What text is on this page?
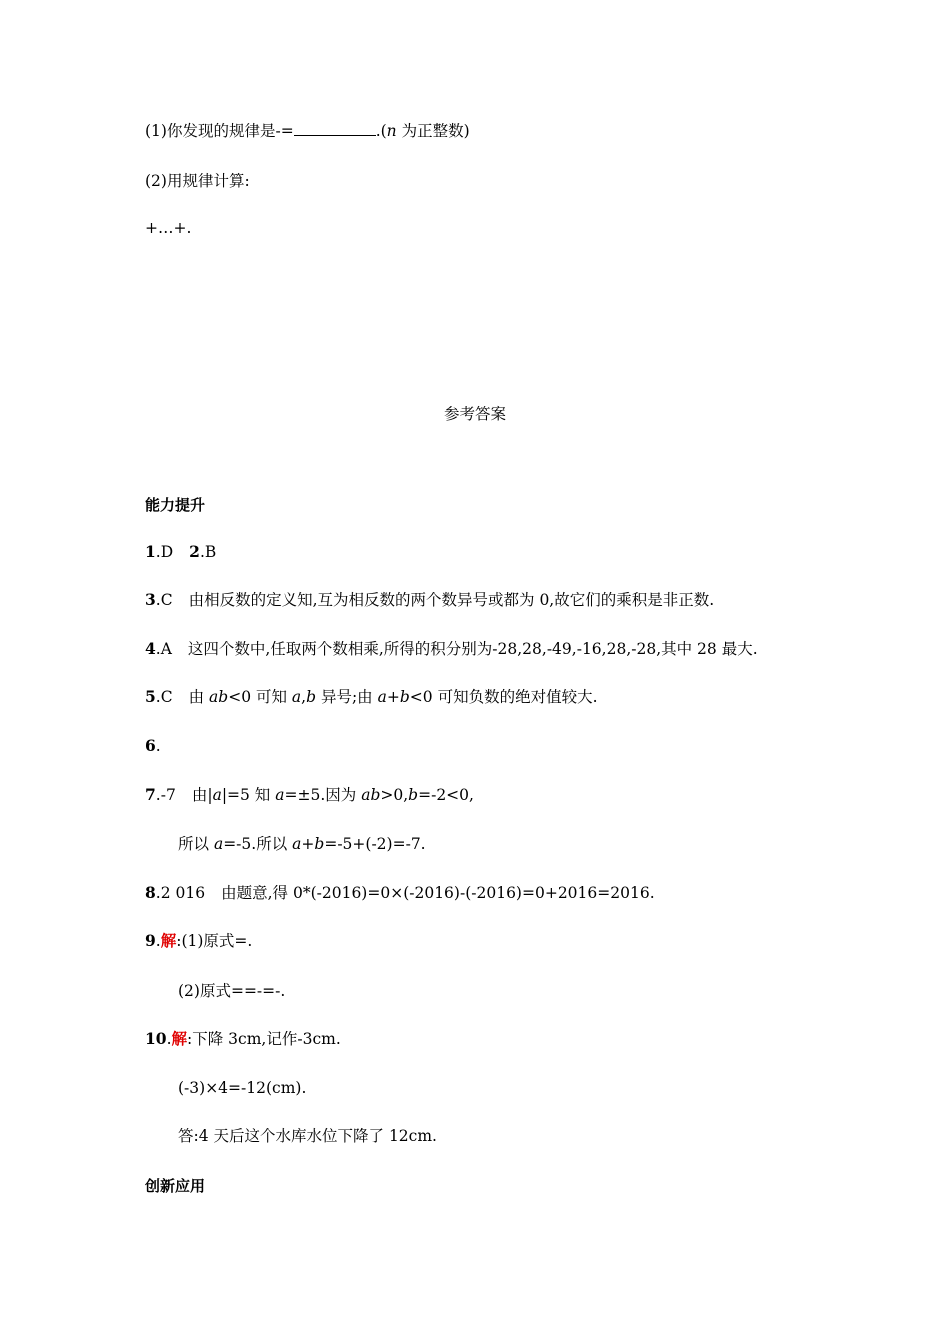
(1)你发现的规律是-=	.(n 为正整数)
(2)用规律计算:
+…+.
参考答案
能力提升
1.D 2.B
3.C 由相反数的定义知,互为相反数的两个数异号或都为 0,故它们的乘积是非正数.
4.A 这四个数中,任取两个数相乘,所得的积分别为-28,28,-49,-16,28,-28,其中 28 最大.
5.C 由 ab<0 可知 a,b 异号;由 a+b<0 可知负数的绝对值较大.
6.
7.-7 由|a|=5 知 a=±5.因为 ab>0,b=-2<0,
所以 a=-5.所以 a+b=-5+(-2)=-7.
8.2 016 由题意,得 0*(-2016)=0×(-2016)-(-2016)=0+2016=2016.
9.解:(1)原式=.
(2)原式==-=-.
10.解:下降 3cm,记作-3cm.
(-3)×4=-12(cm).
答:4 天后这个水库水位下降了 12cm.
创新应用
